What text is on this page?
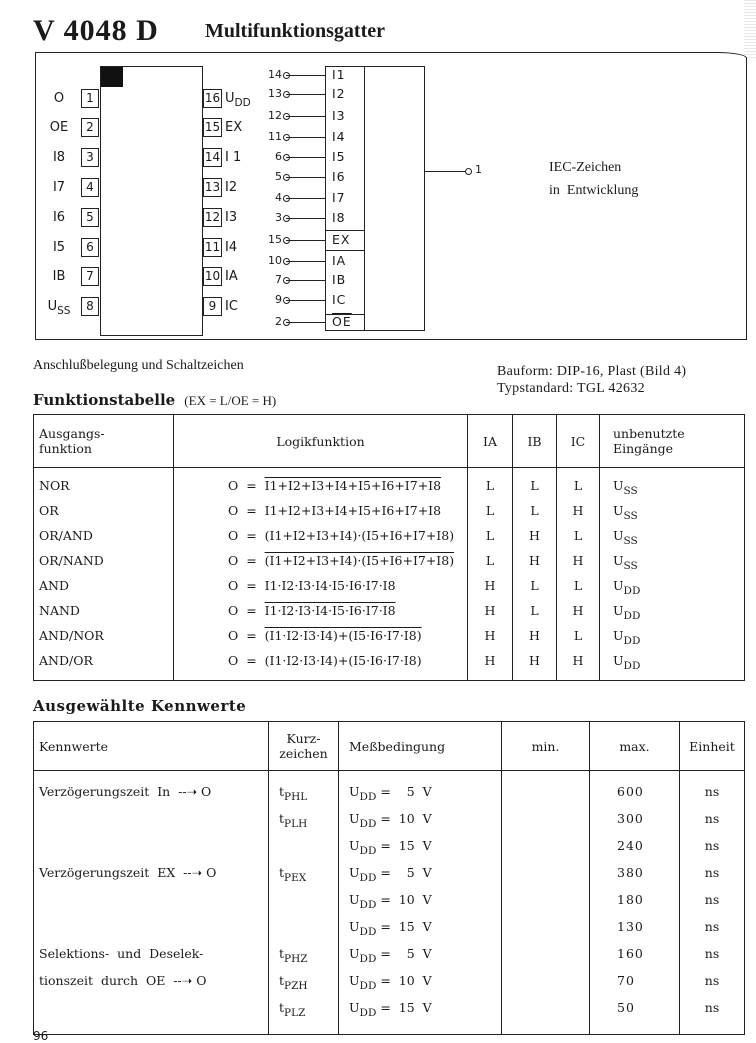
V 4048 D Multifunktionsgatter
1
O
2
OE
3
I8
4
I7
5
I6
6
I5
7
IB
8
$U_{SS}$
16 $U_{DD}$
15 EX
14 I 1
13 I2
12 I3
11 I4
10 IA
9 IC
14	I1
13	I2
12	I3
11	I4
6	I5
5	I6
4	I7
3	I8
15	EX
10	IA
7	IB
9	IC
2	$\overline{OE}$
1	IEC-Zeichen
in  Entwicklung
Anschlußbelegung und Schaltzeichen	Bauform: DIP-16, Plast (Bild 4)
Typstandard: TGL 42632
Funktionstabelle (EX = L/OE = H)
Ausgangs-
funktion	Logikfunktion	IA	IB	IC	unbenutzte
Eingänge
NOR	O  =  I1+I2+I3+I4+I5+I6+I7+I8	L	L	L	$U_{SS}$
OR	O  =  I1+I2+I3+I4+I5+I6+I7+I8	L	L	H	$U_{SS}$
OR/AND	O  =  (I1+I2+I3+I4)·(I5+I6+I7+I8)	L	H	L	$U_{SS}$
OR/NAND	O  =  (I1+I2+I3+I4)·(I5+I6+I7+I8)	L	H	H	$U_{SS}$
AND	O  =  I1·I2·I3·I4·I5·I6·I7·I8	H	L	L	$U_{DD}$
NAND	O  =  I1·I2·I3·I4·I5·I6·I7·I8	H	L	H	$U_{DD}$
AND/NOR	O  =  (I1·I2·I3·I4)+(I5·I6·I7·I8)	H	H	L	$U_{DD}$
AND/OR	O  =  (I1·I2·I3·I4)+(I5·I6·I7·I8)	H	H	H	$U_{DD}$
Ausgewählte Kennwerte
Kennwerte	Kurz-
zeichen	Meßbedingung	min.	max.	Einheit
Verzögerungszeit  In  --➝ O	$t_{PHL}$	$U_{DD}$ =    5  V		600	ns
	$t_{PLH}$	$U_{DD} = 10$  V		300	ns
		$U_{DD} = 15$  V		240	ns
Verzögerungszeit  EX  --➝ O	$t_{PEX}$	$U_{DD}$ =    5  V		380	ns
		$U_{DD} = 10$  V		180	ns
		$U_{DD} = 15$  V		130	ns
Selektions-  und  Deselek-	$t_{PHZ}$	$U_{DD}$ =    5  V		160	ns
tionszeit  durch  OE  --➝ O	$t_{PZH}$	$U_{DD} = 10$  V		70	ns
	$t_{PLZ}$	$U_{DD} = 15$  V		50	ns
96
